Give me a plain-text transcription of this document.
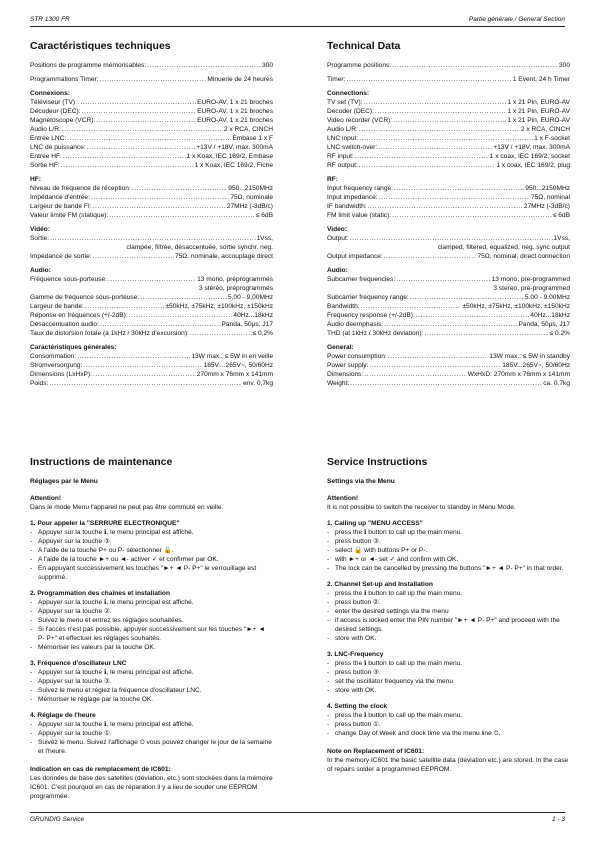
STR 1300 FR	Partie générale / General Section
Caractéristiques techniques
Positions de programme mémorisables: .....	300
Programmations Timer: .....	Minuerie de 24 heures
Connexions:
Téléviseur (TV): .....	EURO-AV, 1 x 21 broches
Décodeur (DEC): .....	EURO-AV, 1 x 21 broches
Magnétoscope (VCR): .....	EURO-AV, 1 x 21 broches
Audio L/R: .....	2 x RCA, CINCH
Entrée LNC: .....	Embase 1 x F
LNC de puissance: .....	+13V / +18V, max. 300mA
Entrée HF: .....	1 x Koax, IEC 169/2, Embase
Sortie HF: .....	1 x Koax, IEC 169/2, Fiche
HF:
Niveau de fréquence de réception: .....	950...2150MHz
Impédance d'entrée: .....	75Ω, nominale
Largeur de bande FI: .....	27MHz (-3dB/c)
Valeur limite FM (statique): .....	≤ 6dB
Vidéo:
Sortie: .....	1Vss,
clampée, filtrée, désaccentuée, sortie synchr. neg.
Impédance de sortie: .....	75Ω, nominale, accouplage direct
Audio:
Fréquence sous-porteuse: .....	13 mono, préprogrammés
3 stéréo, préprogrammés
Gamme de fréquence sous-porteuse: .....	5,00 - 9,00MHz
Largeur de bande: .....	±50kHz, ±75kHz, ±100kHz, ±150kHz
Réponse en fréquences (+/-2dB): .....	40Hz...18kHz
Désaccentuation audio: .....	Panda, 50µs, J17
Taux de distorsion totale (à 1kHz / 30kHz d'excursion): .....	≤ 0,2%
Caractéristiques générales:
Consommation: .....	13W max.; ≤ 5W in en veille
Stromversorgung: .....	185V…265V~, 50/60Hz
Dimensions (LxHxP): .....	270mm x 76mm x 141mm
Poids: .....	env. 0,7kg
Technical Data
Programme positions: .....	300
Timer: .....	1 Event, 24 h Timer
Connections:
TV set (TV): .....	1 x 21 Pin, EURO-AV
Decoder (DEC): .....	1 x 21 Pin, EURO-AV
Video recorder (VCR): .....	1 x 21 Pin, EURO-AV
Audio L/R: .....	2 x RCA, CINCH
LNC input: .....	1 x F-socket
LNC switch-over: .....	+13V / +18V, max. 300mA
RF input: .....	1 x coax, IEC 169/2, socket
RF output: .....	1 x coax, IEC 169/2, plug
RF:
Input frequency range: .....	950...2150MHz
Input impedance: .....	75Ω, nominal
IF bandwidth: .....	27MHz (-3dB/c)
FM limit value (static): .....	≤ 6dB
Video:
Output: .....	1Vss,
clamped, filtered, equalized, neg. sync output
Output impedance: .....	75Ω, nominal, direct connection
Audio:
Subcarrier frequencies: .....	13 mono, pre-programmed
3 stereo, pre-programmed
Subcarrier frequency range: .....	5.00 - 9.00MHz
Bandwidth: .....	±50kHz, ±75kHz, ±100kHz, ±150kHz
Frequency response (+/-2dB): .....	40Hz...18kHz
Audio deemphasis: .....	Panda, 50µs, J17
THD (at 1kHz / 30kHz deviation): .....	≤ 0.2%
General:
Power consumption: .....	13W max.; ≤ 5W in standby
Power supply: .....	185V...265V~, 50/60Hz
Dimensions: .....	WxHxD: 270mm x 76mm x 141mm
Weight: .....	ca. 0.7kg
Instructions de maintenance

Réglages par le Menu

Attention!

Dans le mode Menu l'appareil ne peut pas être commuté en veille.

1. Pour appeler la "SERRURE ELECTRONIQUE"

- Appuyer sur la touche ℹ, le menu principal est affiché.

- Appuyer sur la touche ③.

- A l'aide de la touche P+ ou P- sélectionner 🔒.

- A l'aide de la touche ►+ ou ◄- activer ✓ et confirmer par OK.

- En appuyant successivement les touches "►+ ◄ P- P+" le verrouillage est supprimé.

2. Programmation des chaînes et installation

- Appuyer sur la touche ℹ, le menu principal est affiché.

- Appuyer sur la touche ②.

- Suivez le menu et entrez les réglages souhaitées.

- Si l'accès n'est pas possible, appuyer successivement sur les touches "►+ ◄ P- P+" et effectuer les réglages souhaités.

- Mémoriser les valeurs par la touche OK.

3. Fréquence d'oscillateur LNC

- Appuyer sur la touche ℹ, le menu principal est affiché.

- Appuyer sur la touche ③.

- Suivez le menu et réglez la fréquence d'oscillateur LNC.

- Mémoriser le réglage par la touche OK.

4. Réglage de l'heure

- Appuyer sur la touche ℹ, le menu principal est affiché.

- Appuyer sur la touche ①.

- Suivez le menu. Suivez l'affichage ⏲ vous pouvez changer le jour de la semaine et l'heure.

Indication en cas de remplacement de IC601:

Les données de base des satellites (déviation, etc.) sont stockées dans la mémoire IC601. C'est pourquoi en cas de réparation il y a lieu de souder une EEPROM programmée.

Service Instructions

Settings via the Menu

Attention!

It is not possible to switch the receiver to standby in Menu Mode.

1. Calling up "MENU ACCESS"

- press the ℹ button to call up the main menu.

- press button ③.

- select 🔒 with buttons P+ or P-.

- with ►+ or ◄- set ✓ and confirm with OK.

- The lock can be cancelled by pressing the buttons "►+ ◄ P- P+" in that order.

2. Channel Set-up and Installation

- press the ℹ button to call up the main menu.

- press button ②.

- enter the desired settings via the menu

- if access is locked enter the PIN number "►+ ◄ P- P+" and proceed with the desired settings.

- store with OK.

3. LNC-Frequency

- press the ℹ button to call up the main menu.

- press button ③.

- set the oscillator frequency via the menu

- store with OK.

4. Setting the clock

- press the ℹ button to call up the main menu.

- press button ①.

- change Day of Week and clock time via the menu line ⏲.

Note on Replacement of IC601:

In the memory IC601 the basic satellite data (deviation etc.) are stored. In the case of repairs solder a programmed EEPROM.

GRUNDIG Service	1 - 3
